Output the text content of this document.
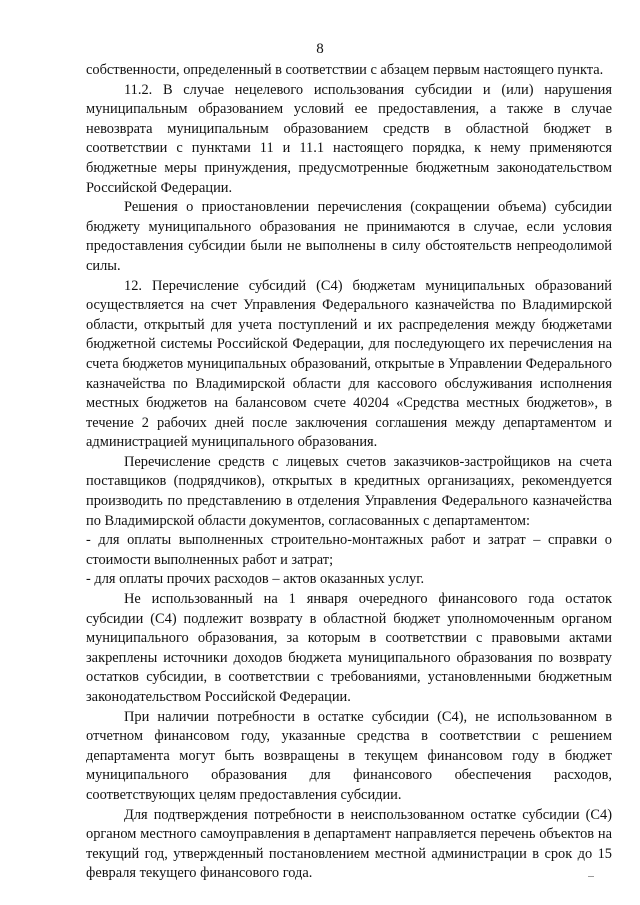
8

собственности, определенный в соответствии с абзацем первым настоящего пункта.

11.2. В случае нецелевого использования субсидии и (или) нарушения муниципальным образованием условий ее предоставления, а также в случае невозврата муниципальным образованием средств в областной бюджет в соответствии с пунктами 11 и 11.1 настоящего порядка, к нему применяются бюджетные меры принуждения, предусмотренные бюджетным законодательством Российской Федерации.

Решения о приостановлении перечисления (сокращении объема) субсидии бюджету муниципального образования не принимаются в случае, если условия предоставления субсидии были не выполнены в силу обстоятельств непреодолимой силы.

12. Перечисление субсидий (С4) бюджетам муниципальных образований осуществляется на счет Управления Федерального казначейства по Владимирской области, открытый для учета поступлений и их распределения между бюджетами бюджетной системы Российской Федерации, для последующего их перечисления на счета бюджетов муниципальных образований, открытые в Управлении Федерального казначейства по Владимирской области для кассового обслуживания исполнения местных бюджетов на балансовом счете 40204 «Средства местных бюджетов», в течение 2 рабочих дней после заключения соглашения между департаментом и администрацией муниципального образования.

Перечисление средств с лицевых счетов заказчиков-застройщиков на счета поставщиков (подрядчиков), открытых в кредитных организациях, рекомендуется производить по представлению в отделения Управления Федерального казначейства по Владимирской области документов, согласованных с департаментом:

- для оплаты выполненных строительно-монтажных работ и затрат – справки о стоимости выполненных работ и затрат;

- для оплаты прочих расходов – актов оказанных услуг.

Не использованный на 1 января очередного финансового года остаток субсидии (С4) подлежит возврату в областной бюджет уполномоченным органом муниципального образования, за которым в соответствии с правовыми актами закреплены источники доходов бюджета муниципального образования по возврату остатков субсидии, в соответствии с требованиями, установленными бюджетным законодательством Российской Федерации.

При наличии потребности в остатке субсидии (С4), не использованном в отчетном финансовом году, указанные средства в соответствии с решением департамента могут быть возвращены в текущем финансовом году в бюджет муниципального образования для финансового обеспечения расходов, соответствующих целям предоставления субсидии.

Для подтверждения потребности в неиспользованном остатке субсидии (С4) органом местного самоуправления в департамент направляется перечень объектов на текущий год, утвержденный постановлением местной администрации в срок до 15 февраля текущего финансового года.
